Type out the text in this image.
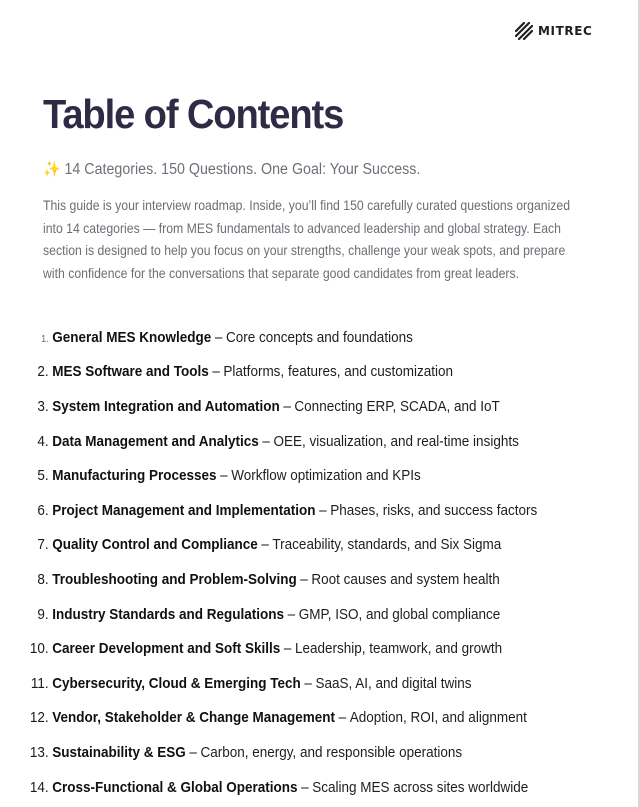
MITREC
Table of Contents
✨ 14 Categories. 150 Questions. One Goal: Your Success.

This guide is your interview roadmap. Inside, you’ll find 150 carefully curated questions organized

into 14 categories — from MES fundamentals to advanced leadership and global strategy. Each

section is designed to help you focus on your strengths, challenge your weak spots, and prepare

with confidence for the conversations that separate good candidates from great leaders.

1. General MES Knowledge – Core concepts and foundations
2. MES Software and Tools – Platforms, features, and customization
3. System Integration and Automation – Connecting ERP, SCADA, and IoT
4. Data Management and Analytics – OEE, visualization, and real-time insights
5. Manufacturing Processes – Workflow optimization and KPIs
6. Project Management and Implementation – Phases, risks, and success factors
7. Quality Control and Compliance – Traceability, standards, and Six Sigma
8. Troubleshooting and Problem-Solving – Root causes and system health
9. Industry Standards and Regulations – GMP, ISO, and global compliance
10. Career Development and Soft Skills – Leadership, teamwork, and growth
11. Cybersecurity, Cloud & Emerging Tech – SaaS, AI, and digital twins
12. Vendor, Stakeholder & Change Management – Adoption, ROI, and alignment
13. Sustainability & ESG – Carbon, energy, and responsible operations
14. Cross-Functional & Global Operations – Scaling MES across sites worldwide
